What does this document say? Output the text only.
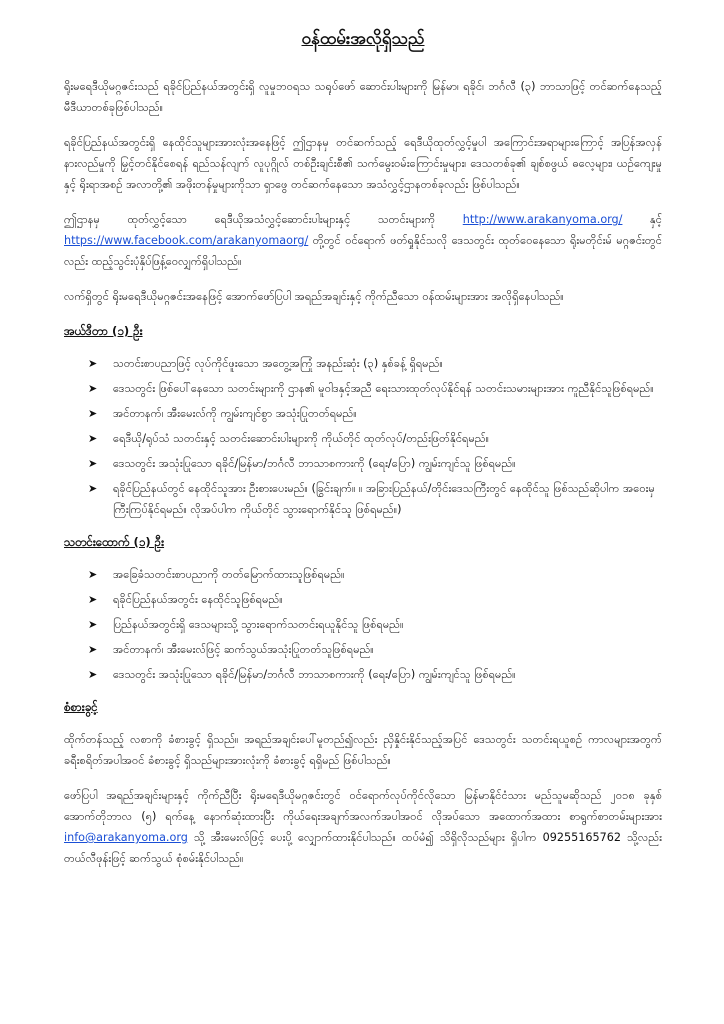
ဝန်ထမ်းအလိုရှိသည်

ရိုးမရေဒီယိုမဂ္ဂဇင်းသည် ရခိုင်ပြည်နယ်အတွင်းရှိ လူမှုဘဝရသ သရုပ်ဖော် ဆောင်းပါးများကို မြန်မာ၊ ရခိုင်၊ ဘင်္ဂလီ (၃) ဘာသာဖြင့် တင်ဆက်နေသည့် မီဒီယာတစ်ခုဖြစ်ပါသည်။

ရခိုင်ပြည်နယ်အတွင်းရှိ နေထိုင်သူများအားလုံးအနေဖြင့် ဤဌာနမှ တင်ဆက်သည့် ရေဒီယိုထုတ်လွှင့်မှုပါ အကြောင်းအရာများကြောင့် အပြန်အလှန် နားလည်မှုကို မြှင့်တင်နိုင်စေရန် ရည်သန်လျက် လူပုဂ္ဂိုလ် တစ်ဦးချင်းစီ၏ သက်မွေးဝမ်းကြောင်းမှုများ၊ ဒေသတစ်ခု၏ ချစ်စဖွယ် ဓလေ့များ၊ ယဉ်ကျေးမှုနှင့် ရိုးရာအစဉ် အလာတို့၏ အဖိုးတန်မှုများကိုသာ ရှာဖွေ တင်ဆက်နေသော အသံလွှင့်ဌာနတစ်ခုလည်း ဖြစ်ပါသည်။

ဤဌာနမှ ထုတ်လွှင့်သော ရေဒီယိုအသံလွှင့်ဆောင်းပါးများနှင့် သတင်းများကို http://www.arakanyoma.org/ နှင့် https://www.facebook.com/arakanyomaorg/ တို့တွင် ဝင်ရောက် ဖတ်ရှုနိုင်သလို ဒေသတွင်း ထုတ်ဝေနေသော ရိုးမတိုင်းမ် မဂ္ဂဇင်းတွင်လည်း ထည့်သွင်းပုံနှိပ်ဖြန့်ဝေလျှက်ရှိပါသည်။

လက်ရှိတွင် ရိုးမရေဒီယိုမဂ္ဂဇင်းအနေဖြင့် အောက်ဖော်ပြပါ အရည်အချင်းနှင့် ကိုက်ညီသော ဝန်ထမ်းများအား အလိုရှိနေပါသည်။

အယ်ဒီတာ (၁) ဦး
➤ သတင်းစာပညာဖြင့် လုပ်ကိုင်ဖူးသော အတွေ့အကြုံ အနည်းဆုံး (၃) နှစ်ခန့် ရှိရမည်။
➤ ဒေသတွင်း ဖြစ်ပေါ်နေသော သတင်းများကို ဌာန၏ မူဝါဒနှင့်အညီ ရေးသားထုတ်လုပ်နိုင်ရန် သတင်းသမားများအား ကူညီနိုင်သူဖြစ်ရမည်။
➤ အင်တာနက်၊ အီးမေးလ်ကို ကျွမ်းကျင်စွာ အသုံးပြုတတ်ရမည်။
➤ ရေဒီယို/ရုပ်သံ သတင်းနှင့် သတင်းဆောင်းပါးများကို ကိုယ်တိုင် ထုတ်လုပ်/တည်းဖြတ်နိုင်ရမည်။
➤ ဒေသတွင်း အသုံးပြုသော ရခိုင်/မြန်မာ/ဘင်္ဂလီ ဘာသာစကားကို (ရေး/ပြော) ကျွမ်းကျင်သူ ဖြစ်ရမည်။
➤ ရခိုင်ပြည်နယ်တွင် နေထိုင်သူအား ဦးစားပေးမည်။ (ခြွင်းချက်။ ။ အခြားပြည်နယ်/တိုင်းဒေသကြီးတွင် နေထိုင်သူ ဖြစ်သည်ဆိုပါက အဝေးမှ ကြီးကြပ်နိုင်ရမည်။ လိုအပ်ပါက ကိုယ်တိုင် သွားရောက်နိုင်သူ ဖြစ်ရမည်။)
သတင်းထောက် (၁) ဦး
➤ အခြေခံသတင်းစာပညာကို တတ်မြောက်ထားသူဖြစ်ရမည်။
➤ ရခိုင်ပြည်နယ်အတွင်း နေထိုင်သူဖြစ်ရမည်။
➤ ပြည်နယ်အတွင်းရှိ ဒေသများသို့ သွားရောက်သတင်းရယူနိုင်သူ ဖြစ်ရမည်။
➤ အင်တာနက်၊ အီးမေးလ်ဖြင့် ဆက်သွယ်အသုံးပြုတတ်သူဖြစ်ရမည်။
➤ ဒေသတွင်း အသုံးပြုသော ရခိုင်/မြန်မာ/ဘင်္ဂလီ ဘာသာစကားကို (ရေး/ပြော) ကျွမ်းကျင်သူ ဖြစ်ရမည်။
စံစားခွင့်

ထိုက်တန်သည့် လစာကို ခံစားခွင့် ရှိသည်။ အရည်အချင်းပေါ်မူတည်၍လည်း ညှိနှိုင်းနိုင်သည့်အပြင် ဒေသတွင်း သတင်းရယူစဉ် ကာလများအတွက် ခရီးစရိတ်အပါအဝင် ခံစားခွင့် ရှိသည်များအားလုံးကို ခံစားခွင့် ရရှိမည် ဖြစ်ပါသည်။

ဖော်ပြပါ အရည်အချင်းများနှင့် ကိုက်ညီပြီး ရိုးမရေဒီယိုမဂ္ဂဇင်းတွင် ဝင်ရောက်လုပ်ကိုင်လိုသော မြန်မာနိုင်ငံသား မည်သူမဆိုသည် ၂၀၁၈ ခုနှစ် အောက်တိုဘာလ (၅) ရက်နေ့ နောက်ဆုံးထားပြီး ကိုယ်ရေးအချက်အလက်အပါအဝင် လိုအပ်သော အထောက်အထား စာရွက်စာတမ်းများအား info@arakanyoma.org သို့ အီးမေးလ်ဖြင့် ပေးပို့ လျှောက်ထားနိုင်ပါသည်။ ထပ်မံ၍ သိရှိလိုသည်များ ရှိပါက 09255165762 သို့လည်း တယ်လီဖုန်းဖြင့် ဆက်သွယ် စုံစမ်းနိုင်ပါသည်။
